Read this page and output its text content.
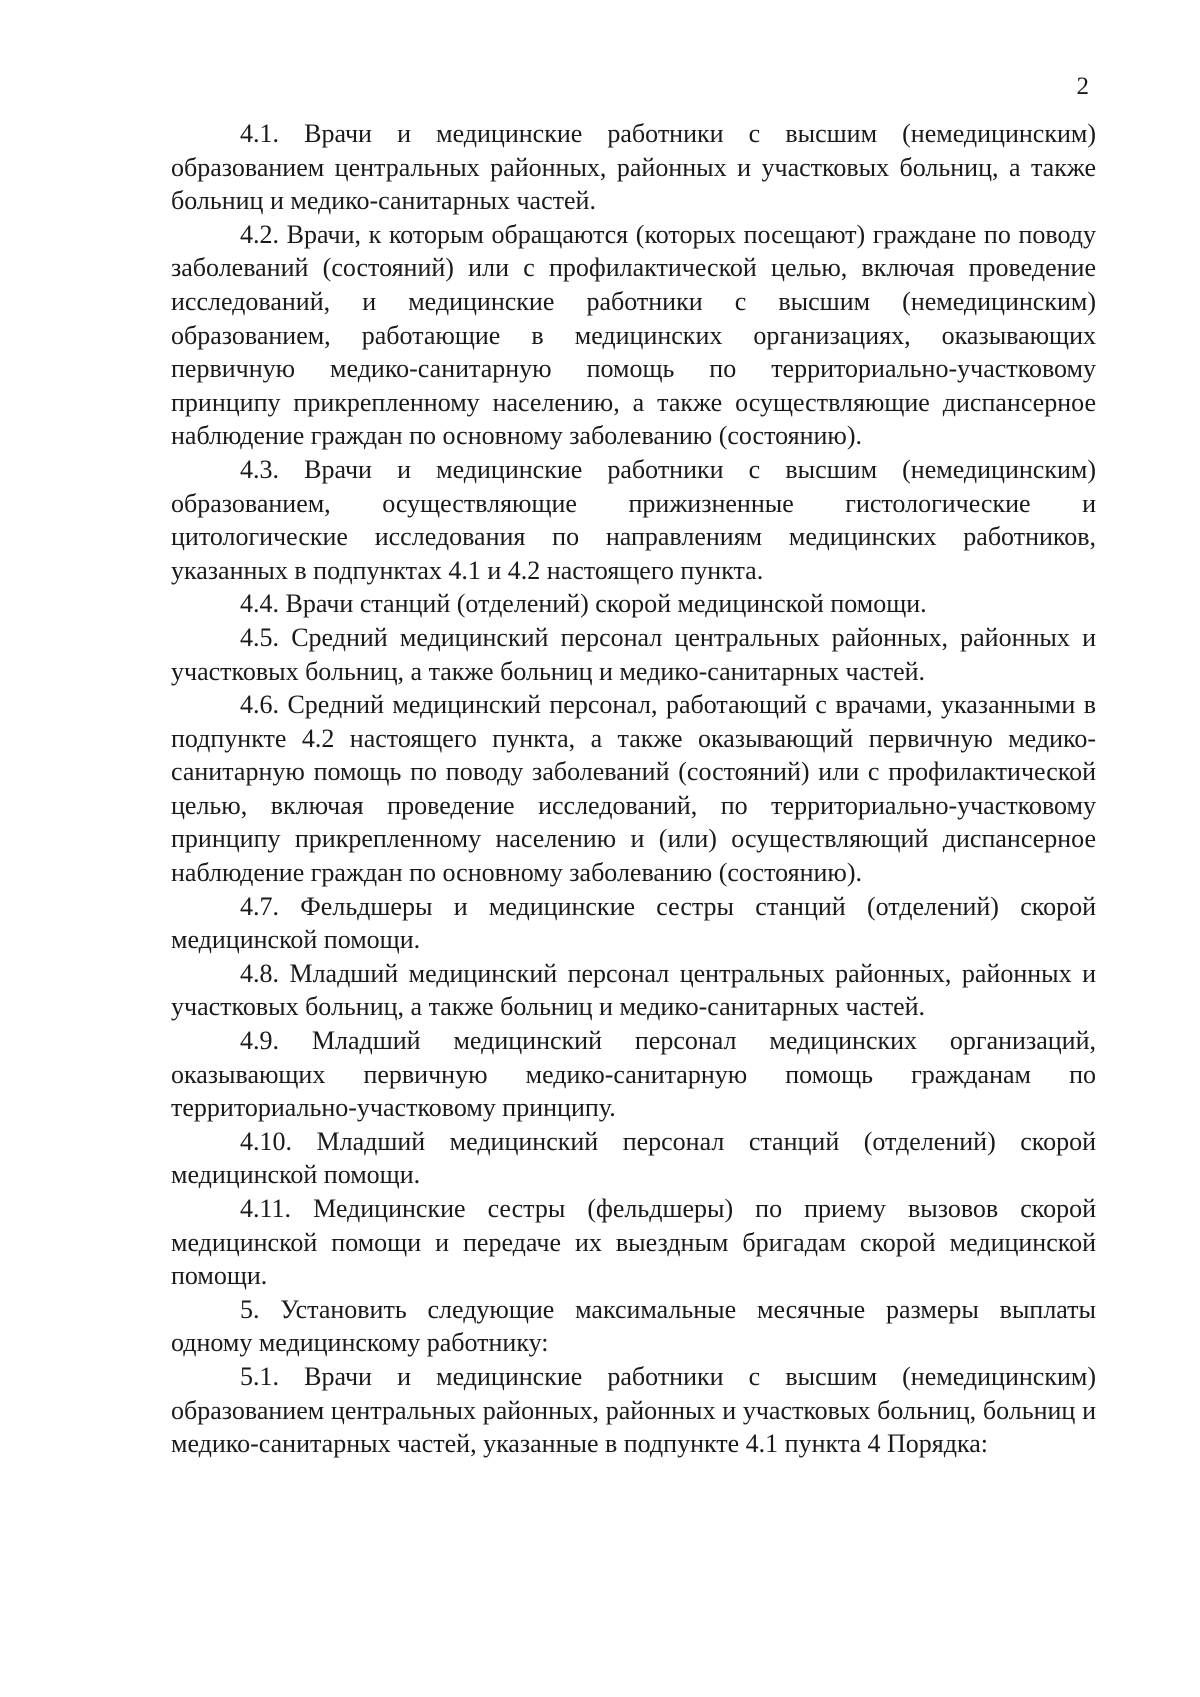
2

4.1. Врачи и медицинские работники с высшим (немедицинским) образованием центральных районных, районных и участковых больниц, а также больниц и медико-санитарных частей.

4.2. Врачи, к которым обращаются (которых посещают) граждане по поводу заболеваний (состояний) или с профилактической целью, включая проведение исследований, и медицинские работники с высшим (немедицинским) образованием, работающие в медицинских организациях, оказывающих первичную медико-санитарную помощь по территориально-участковому принципу прикрепленному населению, а также осуществляющие диспансерное наблюдение граждан по основному заболеванию (состоянию).

4.3. Врачи и медицинские работники с высшим (немедицинским) образованием, осуществляющие прижизненные гистологические и цитологические исследования по направлениям медицинских работников, указанных в подпунктах 4.1 и 4.2 настоящего пункта.

4.4. Врачи станций (отделений) скорой медицинской помощи.

4.5. Средний медицинский персонал центральных районных, районных и участковых больниц, а также больниц и медико-санитарных частей.

4.6. Средний медицинский персонал, работающий с врачами, указанными в подпункте 4.2 настоящего пункта, а также оказывающий первичную медико-санитарную помощь по поводу заболеваний (состояний) или с профилактической целью, включая проведение исследований, по территориально-участковому принципу прикрепленному населению и (или) осуществляющий диспансерное наблюдение граждан по основному заболеванию (состоянию).

4.7. Фельдшеры и медицинские сестры станций (отделений) скорой медицинской помощи.

4.8. Младший медицинский персонал центральных районных, районных и участковых больниц, а также больниц и медико-санитарных частей.

4.9. Младший медицинский персонал медицинских организаций, оказывающих первичную медико-санитарную помощь гражданам по территориально-участковому принципу.

4.10. Младший медицинский персонал станций (отделений) скорой медицинской помощи.

4.11. Медицинские сестры (фельдшеры) по приему вызовов скорой медицинской помощи и передаче их выездным бригадам скорой медицинской помощи.

5. Установить следующие максимальные месячные размеры выплаты одному медицинскому работнику:

5.1. Врачи и медицинские работники с высшим (немедицинским) образованием центральных районных, районных и участковых больниц, больниц и медико-санитарных частей, указанные в подпункте 4.1 пункта 4 Порядка:
